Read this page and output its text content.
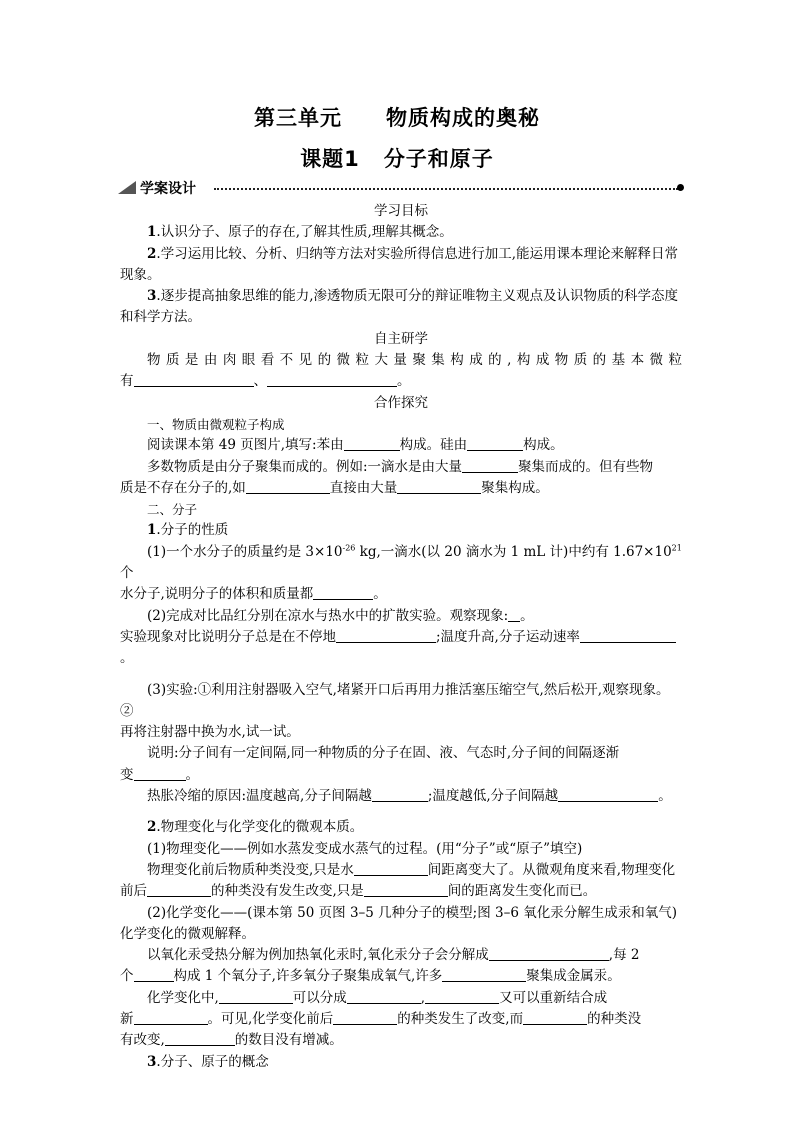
第三单元 物质构成的奥秘
课题1 分子和原子
学案设计

学习目标

1.认识分子、原子的存在,了解其性质,理解其概念。

2.学习运用比较、分析、归纳等方法对实验所得信息进行加工,能运用课本理论来解释日常现象。

3.逐步提高抽象思维的能力,渗透物质无限可分的辩证唯物主义观点及认识物质的科学态度和科学方法。

自主研学

物质是由肉眼看不见的微粒大量聚集构成的,构成物质的基本微粒

有	、	。

合作探究

一、物质由微观粒子构成

阅读课本第 49 页图片,填写:苯由	构成。硅由	构成。

多数物质是由分子聚集而成的。例如:一滴水是由大量	聚集而成的。但有些物

质是不存在分子的,如	直接由大量	聚集构成。

二、分子

1.分子的性质

(1)一个水分子的质量约是 $3\times 10^{-26}$ kg,一滴水(以 20 滴水为 1 mL 计)中约有 $1.67\times 10^{21}$个

水分子,说明分子的体积和质量都	。

(2)完成对比品红分别在凉水与热水中的扩散实验。观察现象: 。

实验现象对比说明分子总是在不停地	;温度升高,分子运动速率。

(3)实验:①利用注射器吸入空气,堵紧开口后再用力推活塞压缩空气,然后松开,观察现象。②

再将注射器中换为水,试一试。

说明:分子间有一定间隔,同一种物质的分子在固、液、气态时,分子间的间隔逐渐

变	。

热胀冷缩的原因:温度越高,分子间隔越	;温度越低,分子间隔越	。

2.物理变化与化学变化的微观本质。

(1)物理变化——例如水蒸发变成水蒸气的过程。(用“分子”或“原子”填空)

物理变化前后物质种类没变,只是水	间距离变大了。从微观角度来看,物理变化

前后	的种类没有发生改变,只是	间的距离发生变化而已。

(2)化学变化——(课本第 50 页图 3–5 几种分子的模型;图 3–6 氧化汞分解生成汞和氧气)

化学变化的微观解释。

以氧化汞受热分解为例加热氧化汞时,氧化汞分子会分解成	,每 2

个	构成 1 个氧分子,许多氧分子聚集成氧气,许多	聚集成金属汞。

化学变化中,	可以分成	,	又可以重新结合成

新	。可见,化学变化前后	的种类发生了改变,而	的种类没

有改变,	的数目没有增减。

3.分子、原子的概念
